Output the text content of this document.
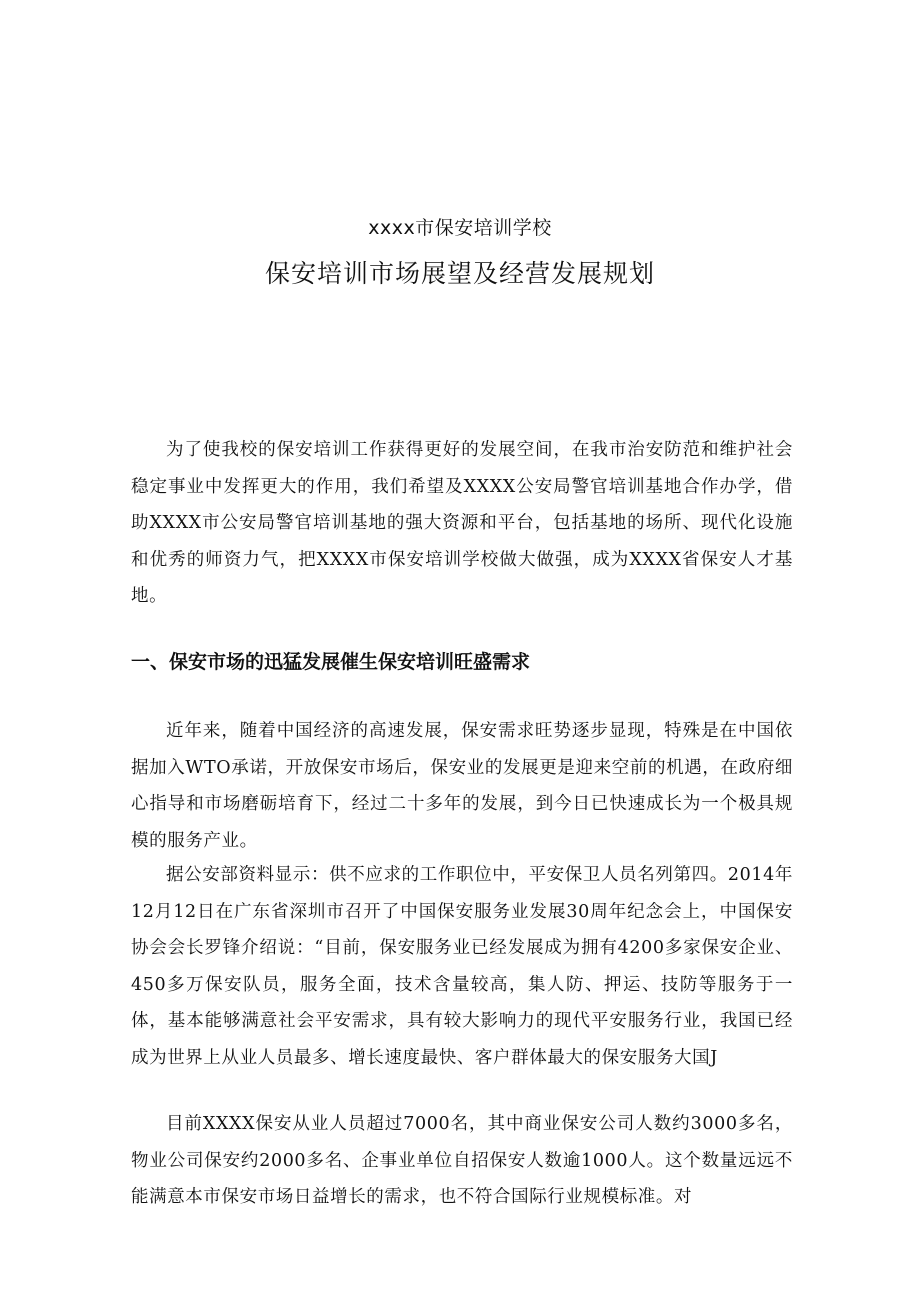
xxxx市保安培训学校
保安培训市场展望及经营发展规划

为了使我校的保安培训工作获得更好的发展空间，在我市治安防范和维护社会稳定事业中发挥更大的作用，我们希望及XXXX公安局警官培训基地合作办学，借助XXXX市公安局警官培训基地的强大资源和平台，包括基地的场所、现代化设施和优秀的师资力气，把XXXX市保安培训学校做大做强，成为XXXX省保安人才基地。

一、保安市场的迅猛发展催生保安培训旺盛需求

近年来，随着中国经济的高速发展，保安需求旺势逐步显现，特殊是在中国依据加入WTO承诺，开放保安市场后，保安业的发展更是迎来空前的机遇，在政府细心指导和市场磨砺培育下，经过二十多年的发展，到今日已快速成长为一个极具规模的服务产业。

据公安部资料显示：供不应求的工作职位中，平安保卫人员名列第四。2014年12月12日在广东省深圳市召开了中国保安服务业发展30周年纪念会上，中国保安协会会长罗锋介绍说：“目前，保安服务业已经发展成为拥有4200多家保安企业、450多万保安队员，服务全面，技术含量较高，集人防、押运、技防等服务于一体，基本能够满意社会平安需求，具有较大影响力的现代平安服务行业，我国已经成为世界上从业人员最多、增长速度最快、客户群体最大的保安服务大国J

目前XXXX保安从业人员超过7000名，其中商业保安公司人数约3000多名，物业公司保安约2000多名、企事业单位自招保安人数逾1000人。这个数量远远不能满意本市保安市场日益增长的需求，也不符合国际行业规模标准。对
